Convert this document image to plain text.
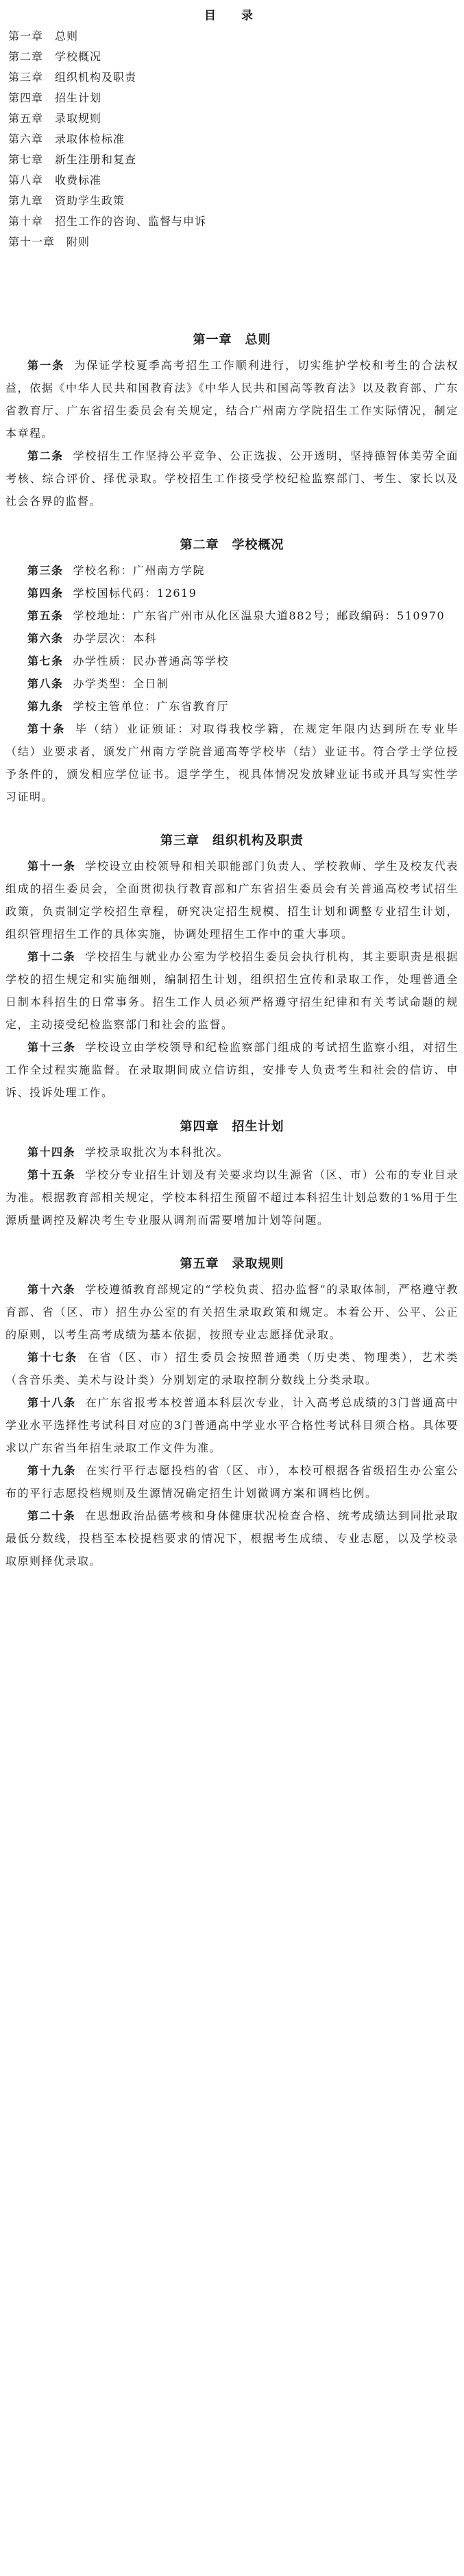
目　录
第一章　总则
第二章　学校概况
第三章　组织机构及职责
第四章　招生计划
第五章　录取规则
第六章　录取体检标准
第七章　新生注册和复查
第八章　收费标准
第九章　资助学生政策
第十章　招生工作的咨询、监督与申诉
第十一章　附则
第一章　总则

第一条 为保证学校夏季高考招生工作顺利进行，切实维护学校和考生的合法权益，依据《中华人民共和国教育法》《中华人民共和国高等教育法》以及教育部、广东省教育厅、广东省招生委员会有关规定，结合广州南方学院招生工作实际情况，制定本章程。

第二条 学校招生工作坚持公平竞争、公正选拔、公开透明，坚持德智体美劳全面考核、综合评价、择优录取。学校招生工作接受学校纪检监察部门、考生、家长以及社会各界的监督。

第二章　学校概况

第三条 学校名称：广州南方学院

第四条 学校国标代码：12619

第五条 学校地址：广东省广州市从化区温泉大道882号；邮政编码：510970

第六条 办学层次：本科

第七条 办学性质：民办普通高等学校

第八条 办学类型：全日制

第九条 学校主管单位：广东省教育厅

第十条 毕（结）业证颁证：对取得我校学籍，在规定年限内达到所在专业毕（结）业要求者，颁发广州南方学院普通高等学校毕（结）业证书。符合学士学位授予条件的，颁发相应学位证书。退学学生，视具体情况发放肄业证书或开具写实性学习证明。

第三章　组织机构及职责

第十一条 学校设立由校领导和相关职能部门负责人、学校教师、学生及校友代表组成的招生委员会，全面贯彻执行教育部和广东省招生委员会有关普通高校考试招生政策，负责制定学校招生章程，研究决定招生规模、招生计划和调整专业招生计划，组织管理招生工作的具体实施，协调处理招生工作中的重大事项。

第十二条 学校招生与就业办公室为学校招生委员会执行机构，其主要职责是根据学校的招生规定和实施细则，编制招生计划，组织招生宣传和录取工作，处理普通全日制本科招生的日常事务。招生工作人员必须严格遵守招生纪律和有关考试命题的规定，主动接受纪检监察部门和社会的监督。

第十三条 学校设立由学校领导和纪检监察部门组成的考试招生监察小组，对招生工作全过程实施监督。在录取期间成立信访组，安排专人负责考生和社会的信访、申诉、投诉处理工作。

第四章　招生计划

第十四条 学校录取批次为本科批次。

第十五条 学校分专业招生计划及有关要求均以生源省（区、市）公布的专业目录为准。根据教育部相关规定，学校本科招生预留不超过本科招生计划总数的1%用于生源质量调控及解决考生专业服从调剂而需要增加计划等问题。

第五章　录取规则

第十六条 学校遵循教育部规定的“学校负责、招办监督”的录取体制，严格遵守教育部、省（区、市）招生办公室的有关招生录取政策和规定。本着公开、公平、公正的原则，以考生高考成绩为基本依据，按照专业志愿择优录取。

第十七条 在省（区、市）招生委员会按照普通类（历史类、物理类），艺术类（含音乐类、美术与设计类）分别划定的录取控制分数线上分类录取。

第十八条 在广东省报考本校普通本科层次专业，计入高考总成绩的3门普通高中学业水平选择性考试科目对应的3门普通高中学业水平合格性考试科目须合格。具体要求以广东省当年招生录取工作文件为准。

第十九条 在实行平行志愿投档的省（区、市），本校可根据各省级招生办公室公布的平行志愿投档规则及生源情况确定招生计划微调方案和调档比例。

第二十条 在思想政治品德考核和身体健康状况检查合格、统考成绩达到同批录取最低分数线，投档至本校提档要求的情况下，根据考生成绩、专业志愿，以及学校录取原则择优录取。
